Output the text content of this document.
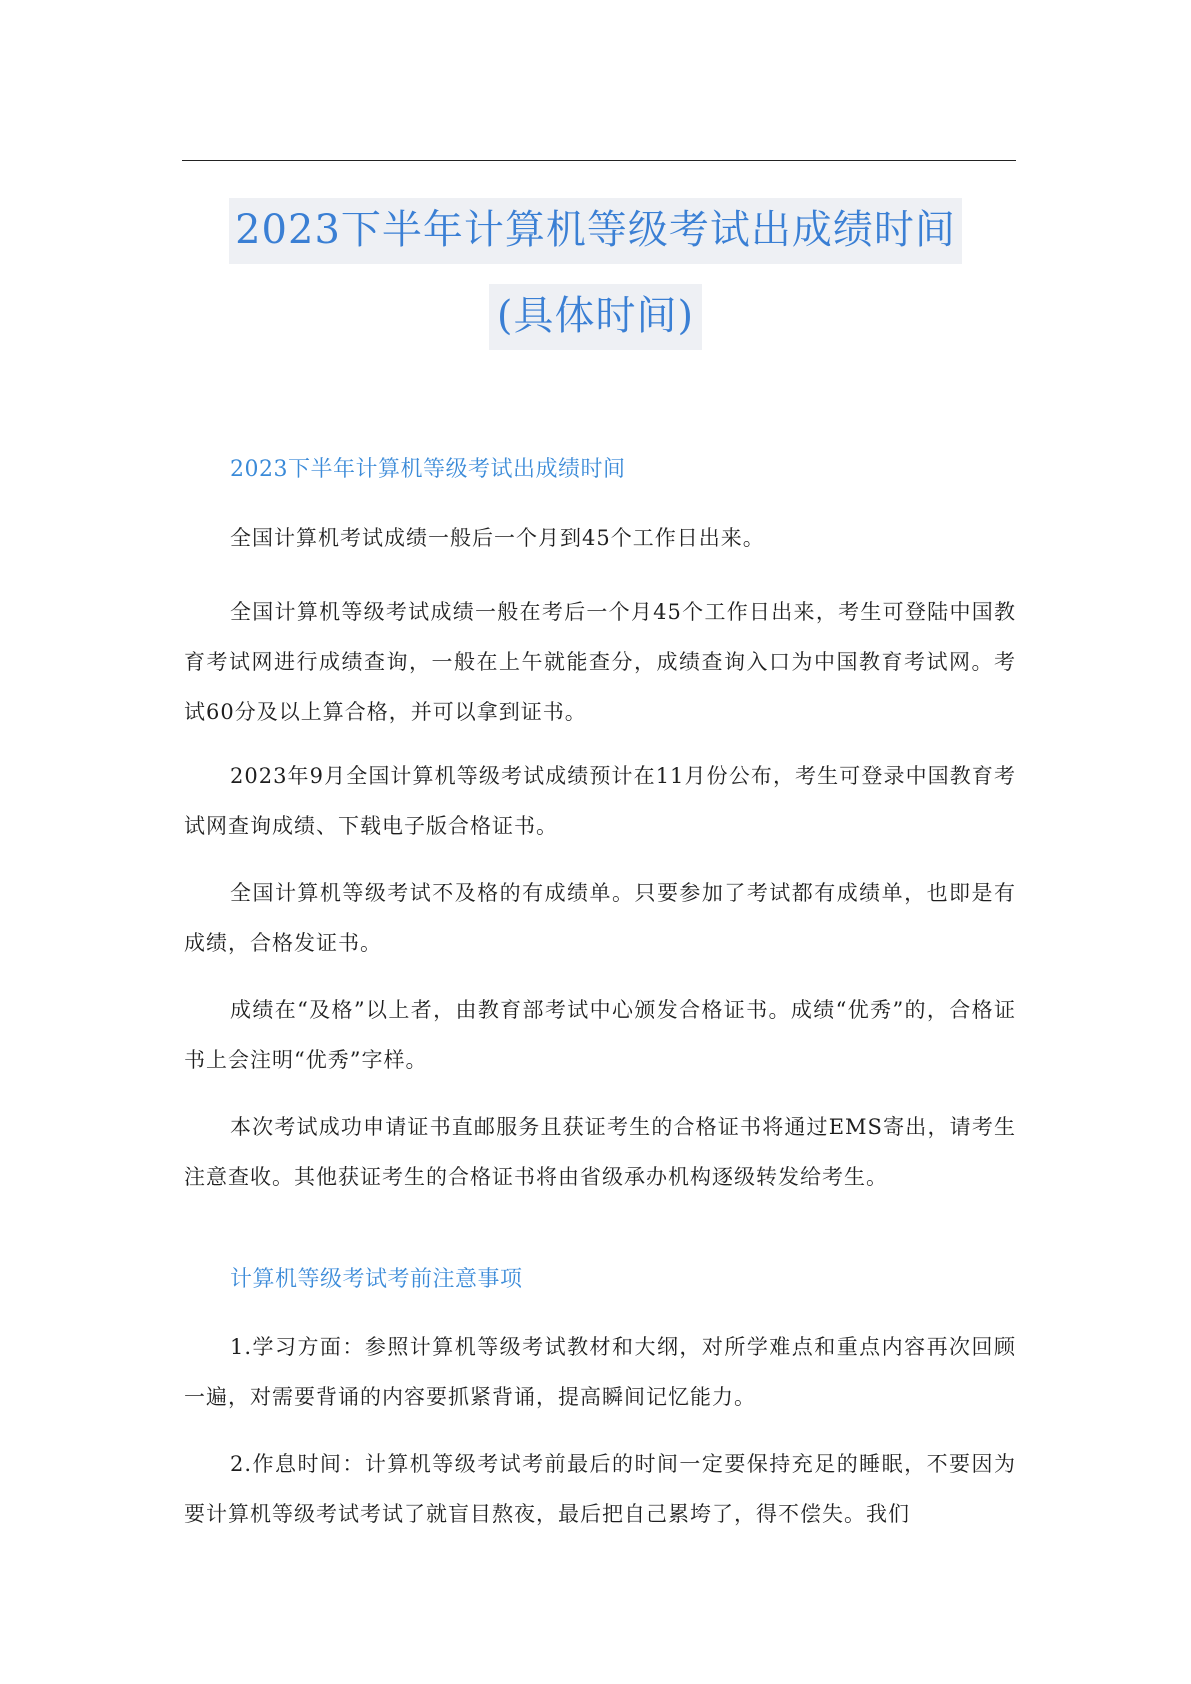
2023下半年计算机等级考试出成绩时间
(具体时间)
2023下半年计算机等级考试出成绩时间

全国计算机考试成绩一般后一个月到45个工作日出来。

全国计算机等级考试成绩一般在考后一个月45个工作日出来，考生可登陆中国教育考试网进行成绩查询，一般在上午就能查分，成绩查询入口为中国教育考试网。考试60分及以上算合格，并可以拿到证书。

2023年9月全国计算机等级考试成绩预计在11月份公布，考生可登录中国教育考试网查询成绩、下载电子版合格证书。

全国计算机等级考试不及格的有成绩单。只要参加了考试都有成绩单，也即是有成绩，合格发证书。

成绩在“及格”以上者，由教育部考试中心颁发合格证书。成绩“优秀”的，合格证书上会注明“优秀”字样。

本次考试成功申请证书直邮服务且获证考生的合格证书将通过EMS寄出，请考生注意查收。其他获证考生的合格证书将由省级承办机构逐级转发给考生。

计算机等级考试考前注意事项

1.学习方面：参照计算机等级考试教材和大纲，对所学难点和重点内容再次回顾一遍，对需要背诵的内容要抓紧背诵，提高瞬间记忆能力。

2.作息时间：计算机等级考试考前最后的时间一定要保持充足的睡眠，不要因为要计算机等级考试考试了就盲目熬夜，最后把自己累垮了，得不偿失。我们
